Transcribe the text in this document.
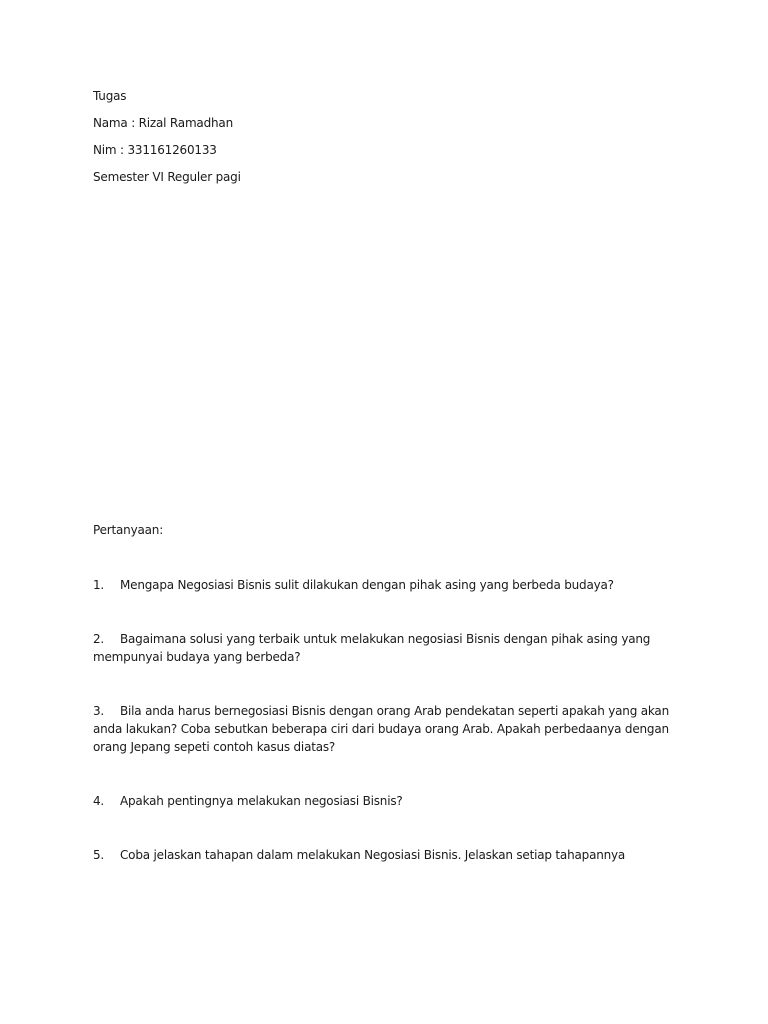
Tugas
Nama : Rizal Ramadhan
Nim : 331161260133
Semester VI Reguler pagi
Pertanyaan:
1. Mengapa Negosiasi Bisnis sulit dilakukan dengan pihak asing yang berbeda budaya?
2. Bagaimana solusi yang terbaik untuk melakukan negosiasi Bisnis dengan pihak asing yang
mempunyai budaya yang berbeda?
3. Bila anda harus bernegosiasi Bisnis dengan orang Arab pendekatan seperti apakah yang akan
anda lakukan? Coba sebutkan beberapa ciri dari budaya orang Arab. Apakah perbedaanya dengan
orang Jepang sepeti contoh kasus diatas?
4. Apakah pentingnya melakukan negosiasi Bisnis?
5. Coba jelaskan tahapan dalam melakukan Negosiasi Bisnis. Jelaskan setiap tahapannya
